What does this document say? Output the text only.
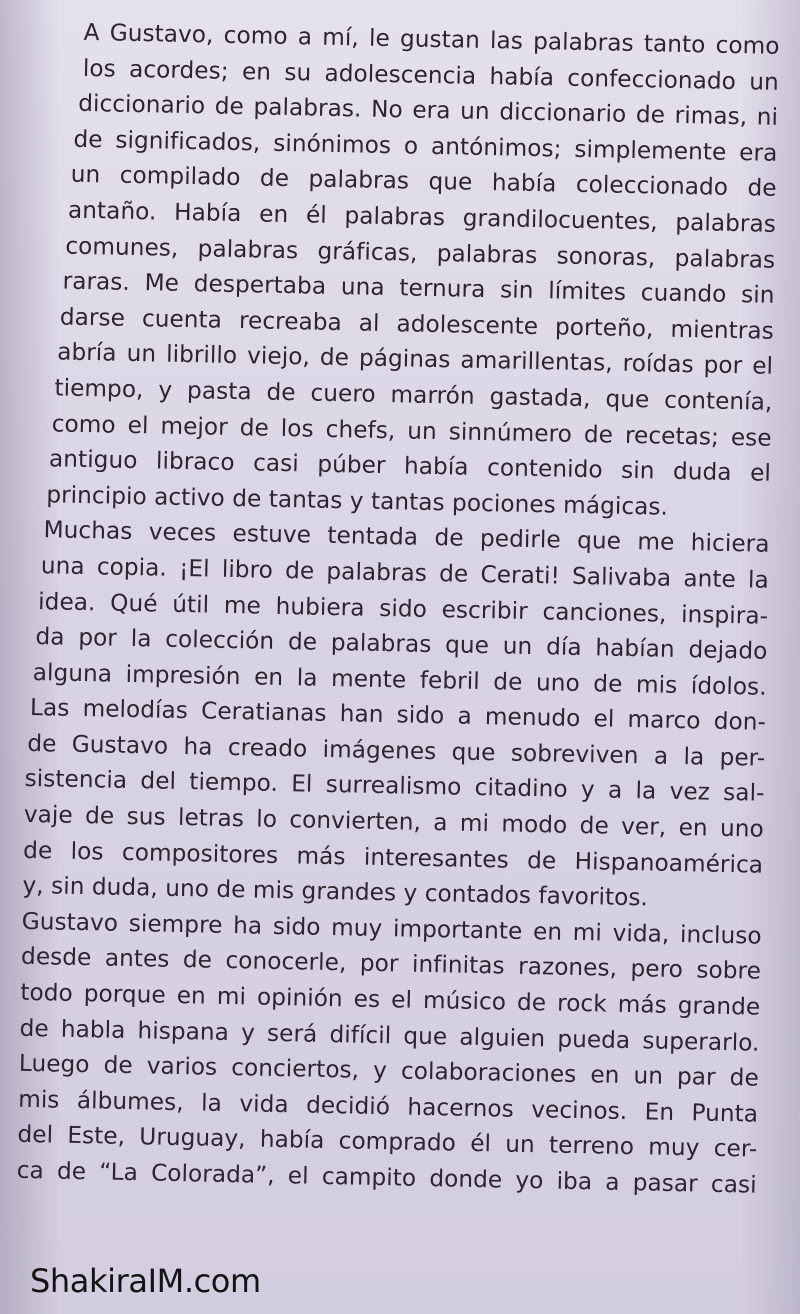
A Gustavo, como a mí, le gustan las palabras tanto como
los acordes; en su adolescencia había confeccionado un
diccionario de palabras. No era un diccionario de rimas, ni
de significados, sinónimos o antónimos; simplemente era
un compilado de palabras que había coleccionado de
antaño. Había en él palabras grandilocuentes, palabras
comunes, palabras gráficas, palabras sonoras, palabras
raras. Me despertaba una ternura sin límites cuando sin
darse cuenta recreaba al adolescente porteño, mientras
abría un librillo viejo, de páginas amarillentas, roídas por el
tiempo, y pasta de cuero marrón gastada, que contenía,
como el mejor de los chefs, un sinnúmero de recetas; ese
antiguo libraco casi púber había contenido sin duda el
principio activo de tantas y tantas pociones mágicas.
Muchas veces estuve tentada de pedirle que me hiciera
una copia. ¡El libro de palabras de Cerati! Salivaba ante la
idea. Qué útil me hubiera sido escribir canciones, inspira-
da por la colección de palabras que un día habían dejado
alguna impresión en la mente febril de uno de mis ídolos.
Las melodías Ceratianas han sido a menudo el marco don-
de Gustavo ha creado imágenes que sobreviven a la per-
sistencia del tiempo. El surrealismo citadino y a la vez sal-
vaje de sus letras lo convierten, a mi modo de ver, en uno
de los compositores más interesantes de Hispanoamérica
y, sin duda, uno de mis grandes y contados favoritos.
Gustavo siempre ha sido muy importante en mi vida, incluso
desde antes de conocerle, por infinitas razones, pero sobre
todo porque en mi opinión es el músico de rock más grande
de habla hispana y será difícil que alguien pueda superarlo.
Luego de varios conciertos, y colaboraciones en un par de
mis álbumes, la vida decidió hacernos vecinos. En Punta
del Este, Uruguay, había comprado él un terreno muy cer-
ca de “La Colorada”, el campito donde yo iba a pasar casi
ShakiraIM.com
